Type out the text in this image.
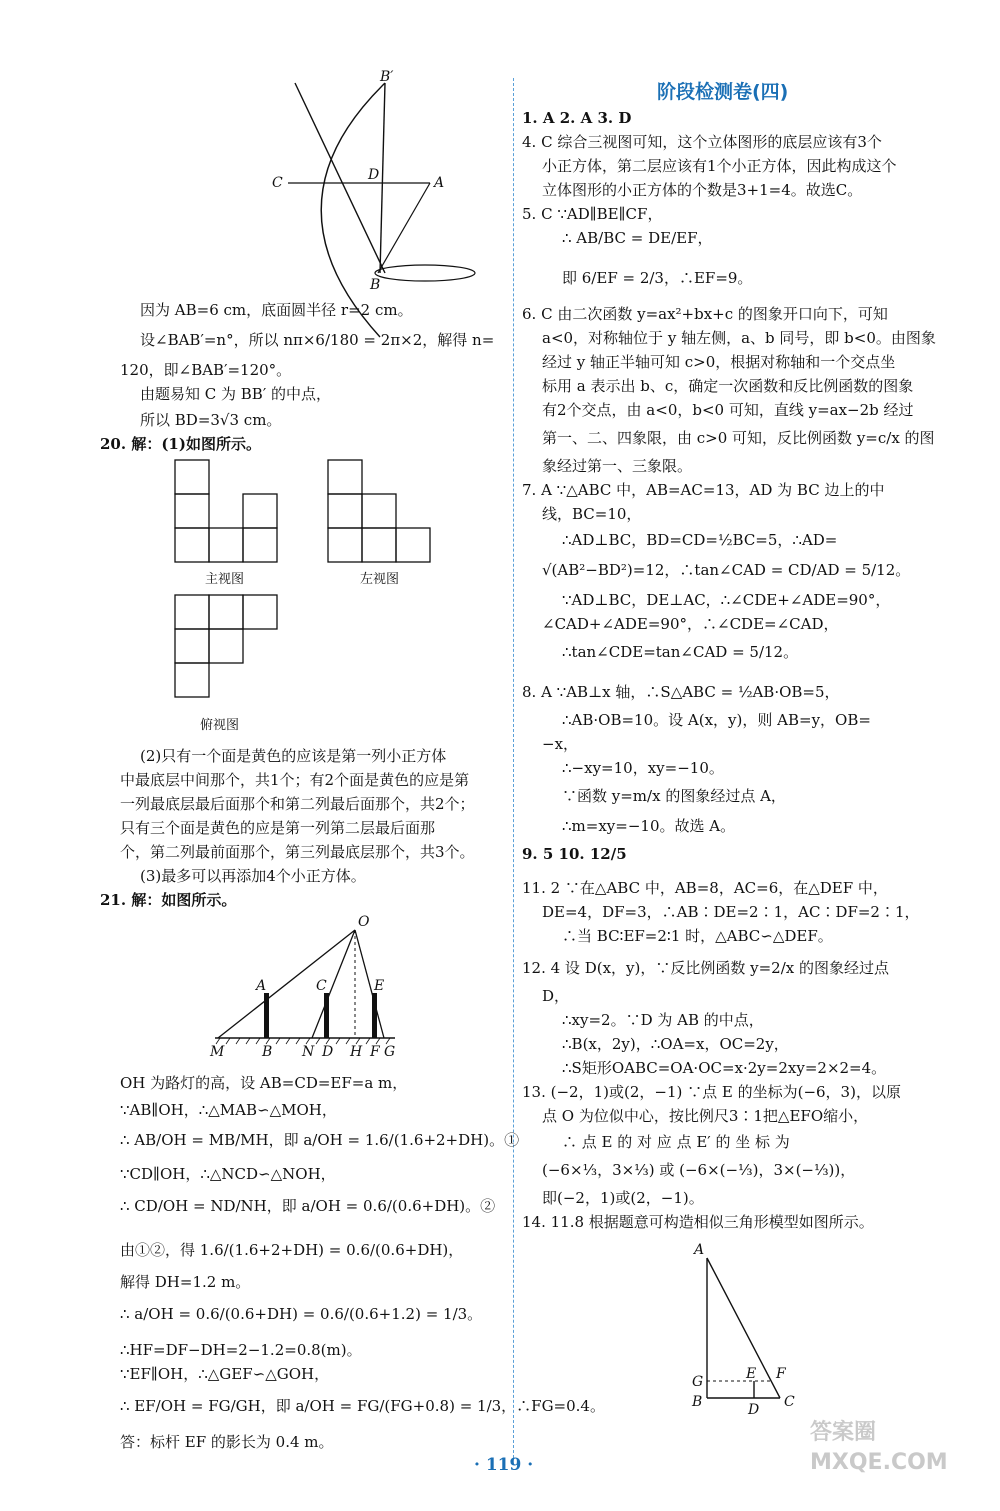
B′
C	D	A
B
因为 AB=6 cm，底面圆半径 r=2 cm。
设∠BAB′=n°，所以 nπ×6/180 = 2π×2，解得 n=
120，即∠BAB′=120°。
由题易知 C 为 BB′ 的中点，
所以 BD=3√3 cm。
20. 解：(1)如图所示。
主视图	左视图
俯视图
(2)只有一个面是黄色的应该是第一列小正方体
中最底层中间那个，共1个；有2个面是黄色的应是第
一列最底层最后面那个和第二列最后面那个，共2个；
只有三个面是黄色的应是第一列第二层最后面那
个，第二列最前面那个，第三列最底层那个，共3个。
(3)最多可以再添加4个小正方体。
21. 解：如图所示。
O
A	C	E
M	B N D H F G
OH 为路灯的高，设 AB=CD=EF=a m，
∵AB∥OH，∴△MAB∽△MOH，
∴ AB/OH = MB/MH，即 a/OH = 1.6/(1.6+2+DH)。①
∵CD∥OH，∴△NCD∽△NOH，
∴ CD/OH = ND/NH，即 a/OH = 0.6/(0.6+DH)。②
由①②，得 1.6/(1.6+2+DH) = 0.6/(0.6+DH)，
解得 DH=1.2 m。
∴ a/OH = 0.6/(0.6+DH) = 0.6/(0.6+1.2) = 1/3。
∴HF=DF−DH=2−1.2=0.8(m)。
∵EF∥OH，∴△GEF∽△GOH，
∴ EF/OH = FG/GH，即 a/OH = FG/(FG+0.8) = 1/3，∴FG=0.4。
答：标杆 EF 的影长为 0.4 m。
阶段检测卷(四)
1. A 2. A 3. D
4. C 综合三视图可知，这个立体图形的底层应该有3个
小正方体，第二层应该有1个小正方体，因此构成这个
立体图形的小正方体的个数是3+1=4。故选C。
5. C ∵AD∥BE∥CF，
∴ AB/BC = DE/EF，
即 6/EF = 2/3，∴EF=9。
6. C 由二次函数 y=ax²+bx+c 的图象开口向下，可知
a<0，对称轴位于 y 轴左侧，a、b 同号，即 b<0。由图象
经过 y 轴正半轴可知 c>0，根据对称轴和一个交点坐
标用 a 表示出 b、c，确定一次函数和反比例函数的图象
有2个交点，由 a<0，b<0 可知，直线 y=ax−2b 经过
第一、二、四象限，由 c>0 可知，反比例函数 y=c/x 的图
象经过第一、三象限。
7. A ∵△ABC 中，AB=AC=13，AD 为 BC 边上的中
线，BC=10，
∴AD⊥BC，BD=CD=½BC=5，∴AD=
√(AB²−BD²)=12，∴tan∠CAD = CD/AD = 5/12。
∵AD⊥BC，DE⊥AC，∴∠CDE+∠ADE=90°，
∠CAD+∠ADE=90°，∴∠CDE=∠CAD，
∴tan∠CDE=tan∠CAD = 5/12。
8. A ∵AB⊥x 轴，∴S△ABC = ½AB·OB=5，
∴AB·OB=10。设 A(x，y)，则 AB=y，OB=
−x，
∴−xy=10，xy=−10。
∵函数 y=m/x 的图象经过点 A，
∴m=xy=−10。故选 A。
9. 5 10. 12/5
11. 2 ∵在△ABC 中，AB=8，AC=6，在△DEF 中，
DE=4，DF=3，∴AB∶DE=2∶1，AC∶DF=2∶1，
∴当 BC∶EF=2∶1 时，△ABC∽△DEF。
12. 4 设 D(x，y)，∵反比例函数 y=2/x 的图象经过点
D，
∴xy=2。∵D 为 AB 的中点，
∴B(x，2y)，∴OA=x，OC=2y，
∴S矩形OABC=OA·OC=x·2y=2xy=2×2=4。
13. (−2，1)或(2，−1) ∵点 E 的坐标为(−6，3)，以原
点 O 为位似中心，按比例尺3∶1把△EFO缩小，
∴ 点 E 的 对 应 点 E′ 的 坐 标 为
(−6×⅓，3×⅓) 或 (−6×(−⅓)，3×(−⅓))，
即(−2，1)或(2，−1)。
14. 11.8 根据题意可构造相似三角形模型如图所示。
A
G
B
E F
D C
· 119 ·
答案圈 MXQE.COM
